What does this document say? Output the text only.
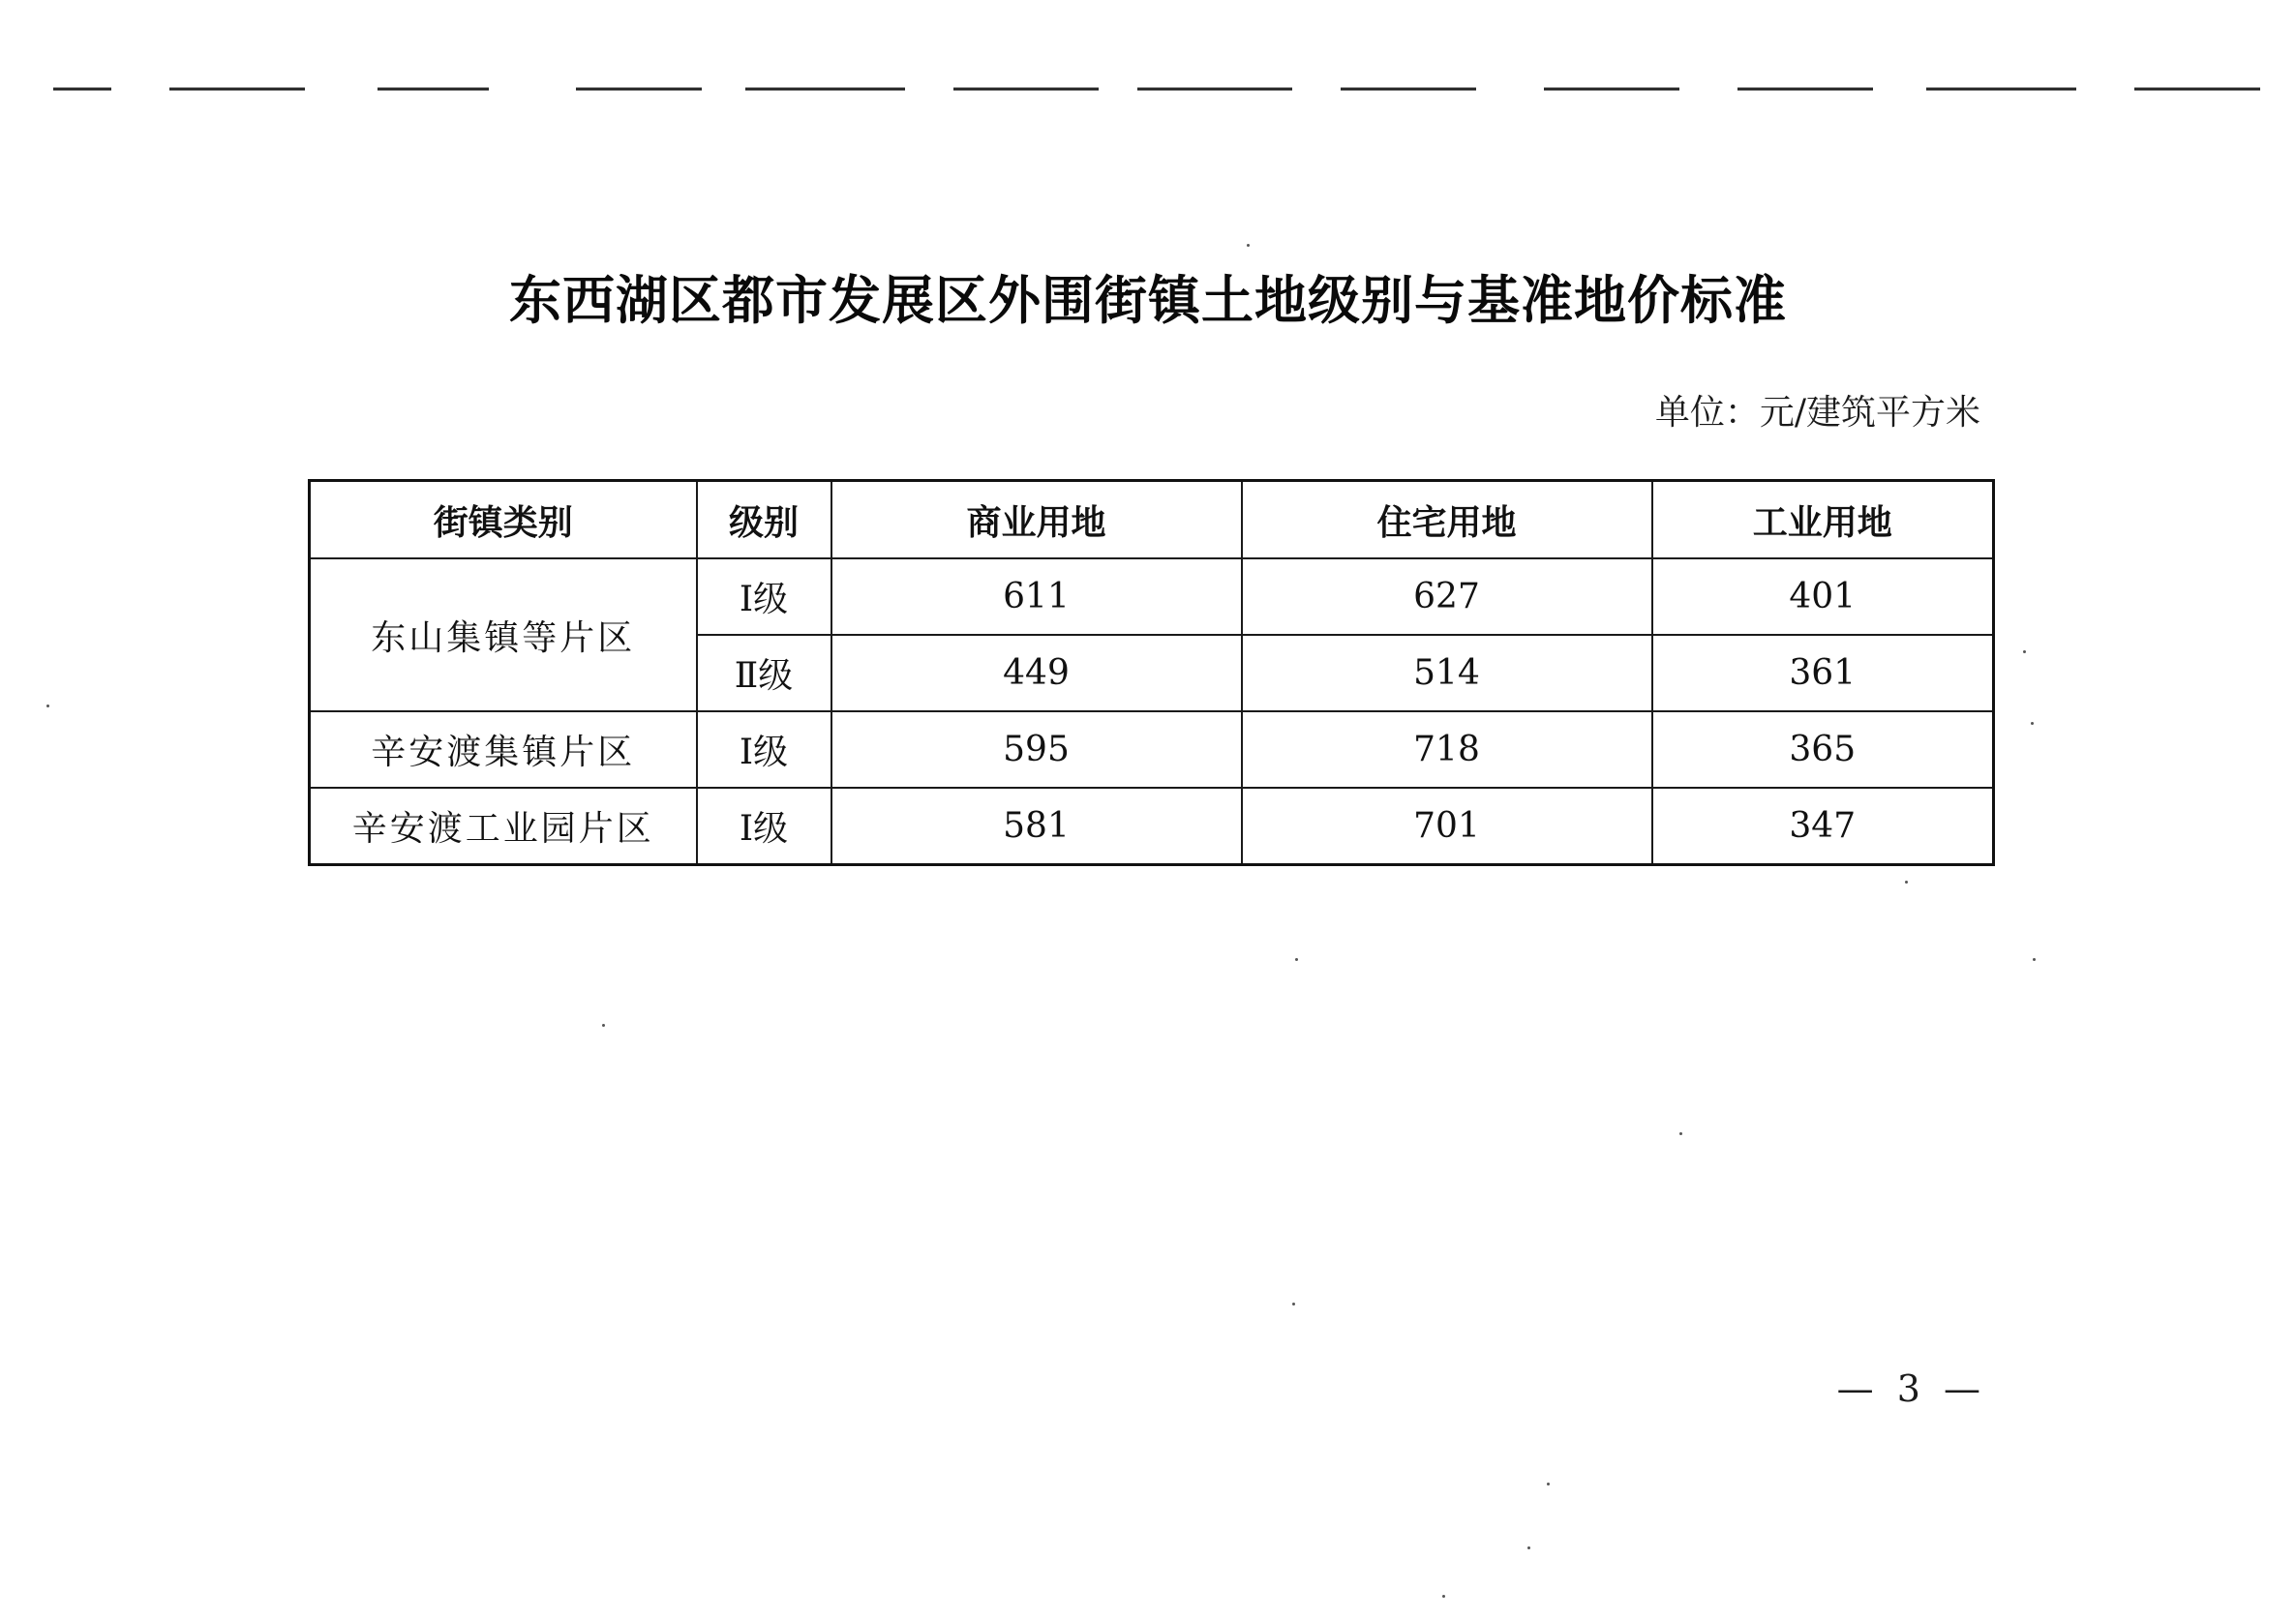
东西湖区都市发展区外围街镇土地级别与基准地价标准
单位：元/建筑平方米
街镇类别	级别	商业用地	住宅用地	工业用地
东山集镇等片区	Ⅰ级	611	627	401
	Ⅱ级	449	514	361
辛安渡集镇片区	Ⅰ级	595	718	365
辛安渡工业园片区	Ⅰ级	581	701	347
— 3 —
